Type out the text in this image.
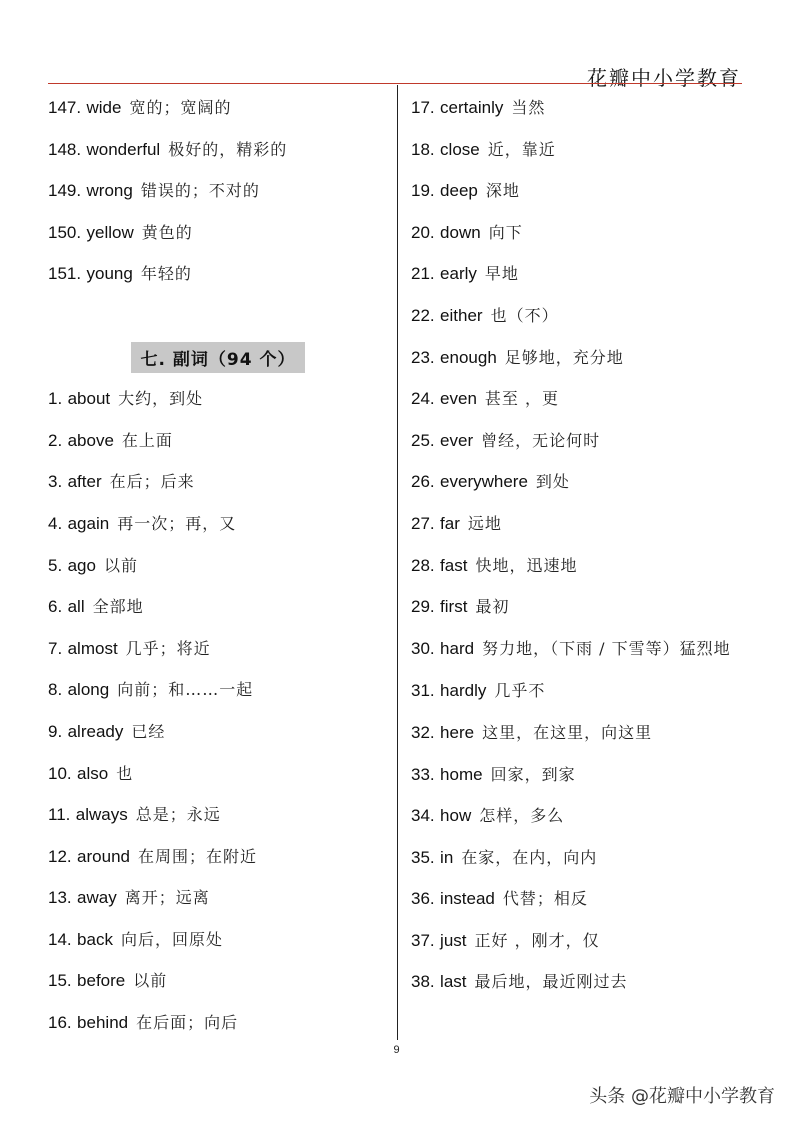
花瓣中小学教育
147. wide 宽的；宽阔的
148. wonderful 极好的，精彩的
149. wrong 错误的；不对的
150. yellow 黄色的
151. young 年轻的
七. 副词（94 个）
1. about 大约，到处
2. above 在上面
3. after 在后；后来
4. again 再一次；再，又
5. ago 以前
6. all 全部地
7. almost 几乎；将近
8. along 向前；和……一起
9. already 已经
10. also 也
11. always 总是；永远
12. around 在周围；在附近
13. away 离开；远离
14. back 向后，回原处
15. before 以前
16. behind 在后面；向后
17. certainly 当然
18. close 近，靠近
19. deep 深地
20. down 向下
21. early 早地
22. either 也（不）
23. enough 足够地，充分地
24. even 甚至 ，更
25. ever 曾经，无论何时
26. everywhere 到处
27. far 远地
28. fast 快地，迅速地
29. first 最初
30. hard 努力地，（下雨 / 下雪等）猛烈地
31. hardly 几乎不
32. here 这里，在这里，向这里
33. home 回家，到家
34. how 怎样，多么
35. in 在家，在内，向内
36. instead 代替；相反
37. just 正好 ，刚才，仅
38. last 最后地，最近刚过去
9
头条 @花瓣中小学教育
